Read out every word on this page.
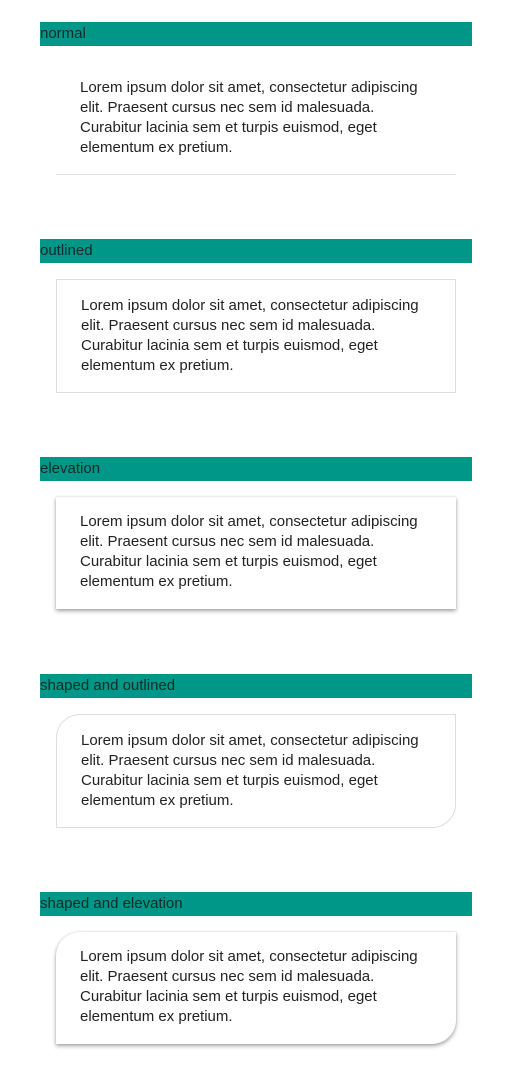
normal

Lorem ipsum dolor sit amet, consectetur adipiscing elit. Praesent cursus nec sem id malesuada. Curabitur lacinia sem et turpis euismod, eget elementum ex pretium.

outlined

Lorem ipsum dolor sit amet, consectetur adipiscing elit. Praesent cursus nec sem id malesuada. Curabitur lacinia sem et turpis euismod, eget elementum ex pretium.

elevation

Lorem ipsum dolor sit amet, consectetur adipiscing elit. Praesent cursus nec sem id malesuada. Curabitur lacinia sem et turpis euismod, eget elementum ex pretium.

shaped and outlined

Lorem ipsum dolor sit amet, consectetur adipiscing elit. Praesent cursus nec sem id malesuada. Curabitur lacinia sem et turpis euismod, eget elementum ex pretium.

shaped and elevation

Lorem ipsum dolor sit amet, consectetur adipiscing elit. Praesent cursus nec sem id malesuada. Curabitur lacinia sem et turpis euismod, eget elementum ex pretium.
